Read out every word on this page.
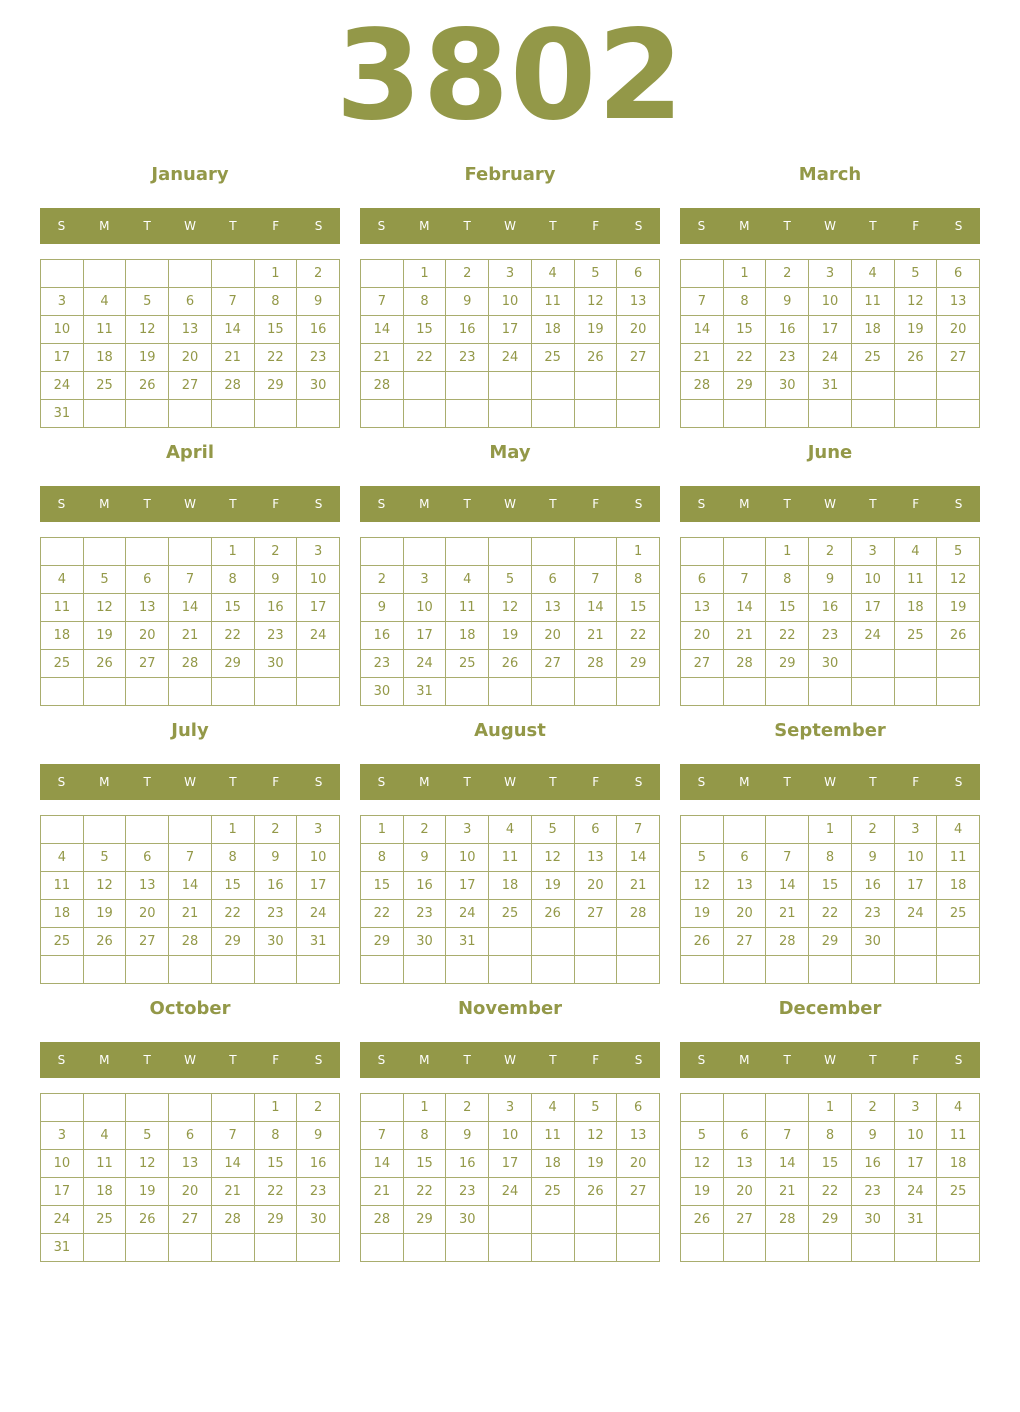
3802
January
S	M	T	W	T	F	S
					1	2
3	4	5	6	7	8	9
10	11	12	13	14	15	16
17	18	19	20	21	22	23
24	25	26	27	28	29	30
31						
February
S	M	T	W	T	F	S
	1	2	3	4	5	6
7	8	9	10	11	12	13
14	15	16	17	18	19	20
21	22	23	24	25	26	27
28						

March
S	M	T	W	T	F	S
	1	2	3	4	5	6
7	8	9	10	11	12	13
14	15	16	17	18	19	20
21	22	23	24	25	26	27
28	29	30	31			

April
S	M	T	W	T	F	S
				1	2	3
4	5	6	7	8	9	10
11	12	13	14	15	16	17
18	19	20	21	22	23	24
25	26	27	28	29	30	

May
S	M	T	W	T	F	S
						1
2	3	4	5	6	7	8
9	10	11	12	13	14	15
16	17	18	19	20	21	22
23	24	25	26	27	28	29
30	31					
June
S	M	T	W	T	F	S
		1	2	3	4	5
6	7	8	9	10	11	12
13	14	15	16	17	18	19
20	21	22	23	24	25	26
27	28	29	30			

July
S	M	T	W	T	F	S
				1	2	3
4	5	6	7	8	9	10
11	12	13	14	15	16	17
18	19	20	21	22	23	24
25	26	27	28	29	30	31

August
S	M	T	W	T	F	S
1	2	3	4	5	6	7
8	9	10	11	12	13	14
15	16	17	18	19	20	21
22	23	24	25	26	27	28
29	30	31				

September
S	M	T	W	T	F	S
			1	2	3	4
5	6	7	8	9	10	11
12	13	14	15	16	17	18
19	20	21	22	23	24	25
26	27	28	29	30		

October
S	M	T	W	T	F	S
					1	2
3	4	5	6	7	8	9
10	11	12	13	14	15	16
17	18	19	20	21	22	23
24	25	26	27	28	29	30
31						
November
S	M	T	W	T	F	S
	1	2	3	4	5	6
7	8	9	10	11	12	13
14	15	16	17	18	19	20
21	22	23	24	25	26	27
28	29	30				

December
S	M	T	W	T	F	S
			1	2	3	4
5	6	7	8	9	10	11
12	13	14	15	16	17	18
19	20	21	22	23	24	25
26	27	28	29	30	31	
